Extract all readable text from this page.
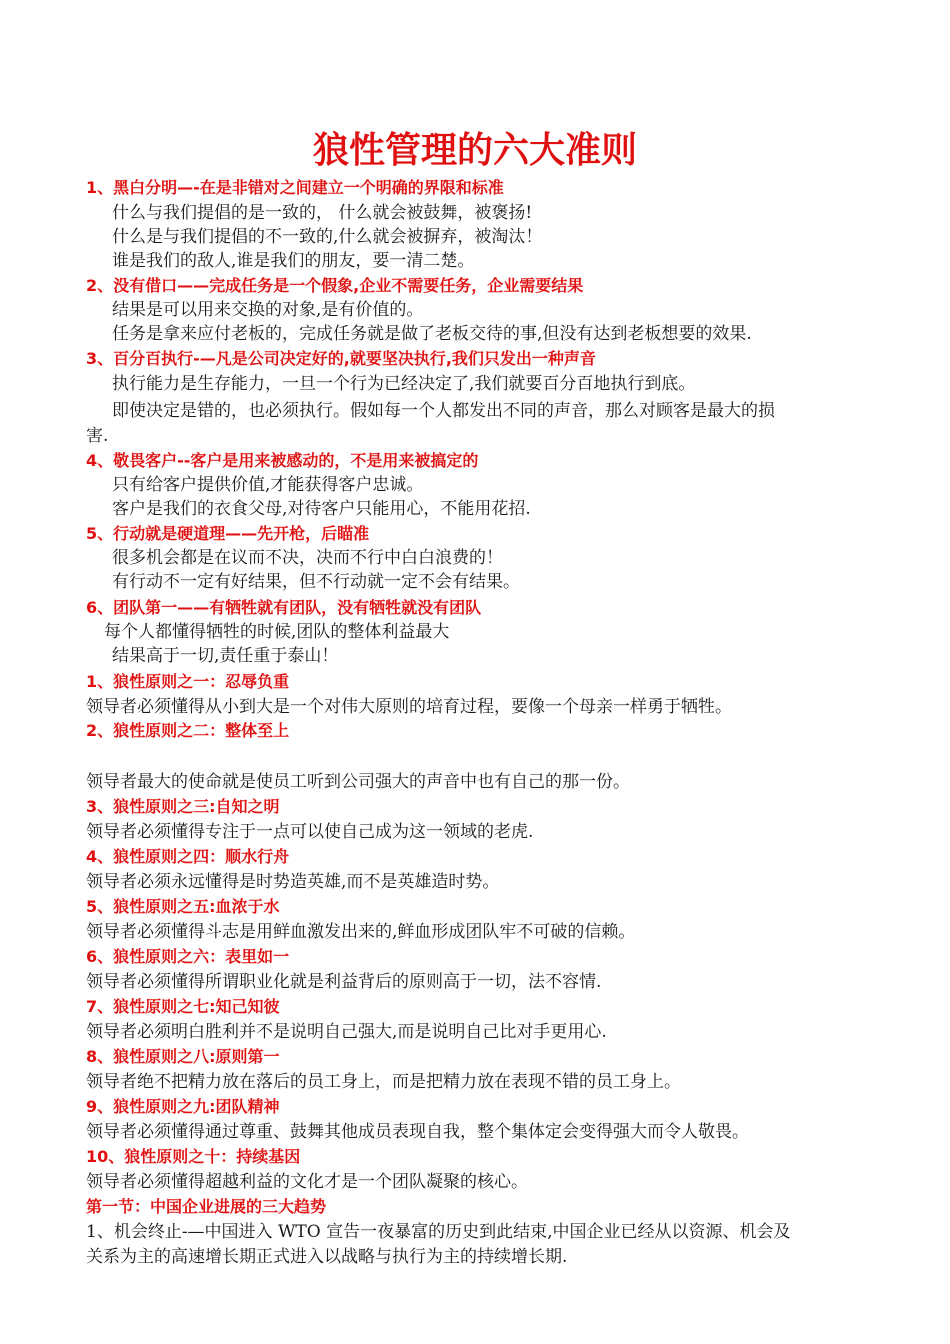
狼性管理的六大准则
1、黑白分明—-在是非错对之间建立一个明确的界限和标准
什么与我们提倡的是一致的， 什么就会被鼓舞，被褒扬!
什么是与我们提倡的不一致的,什么就会被摒弃，被淘汰！
谁是我们的敌人,谁是我们的朋友，要一清二楚。
2、没有借口——完成任务是一个假象,企业不需要任务，企业需要结果
结果是可以用来交换的对象,是有价值的。
任务是拿来应付老板的，完成任务就是做了老板交待的事,但没有达到老板想要的效果.
3、百分百执行-—凡是公司决定好的,就要坚决执行,我们只发出一种声音
执行能力是生存能力，一旦一个行为已经决定了,我们就要百分百地执行到底。
即使决定是错的，也必须执行。假如每一个人都发出不同的声音，那么对顾客是最大的损
害.
4、敬畏客户--客户是用来被感动的，不是用来被搞定的
只有给客户提供价值,才能获得客户忠诚。
客户是我们的衣食父母,对待客户只能用心，不能用花招.
5、行动就是硬道理——先开枪，后瞄准
很多机会都是在议而不决，决而不行中白白浪费的！
有行动不一定有好结果，但不行动就一定不会有结果。
6、团队第一——有牺牲就有团队，没有牺牲就没有团队
每个人都懂得牺牲的时候,团队的整体利益最大
结果高于一切,责任重于泰山！
1、狼性原则之一：忍辱负重
领导者必须懂得从小到大是一个对伟大原则的培育过程，要像一个母亲一样勇于牺牲。
2、狼性原则之二：整体至上
领导者最大的使命就是使员工听到公司强大的声音中也有自己的那一份。
3、狼性原则之三:自知之明
领导者必须懂得专注于一点可以使自己成为这一领域的老虎.
4、狼性原则之四：顺水行舟
领导者必须永远懂得是时势造英雄,而不是英雄造时势。
5、狼性原则之五:血浓于水
领导者必须懂得斗志是用鲜血激发出来的,鲜血形成团队牢不可破的信赖。
6、狼性原则之六：表里如一
领导者必须懂得所谓职业化就是利益背后的原则高于一切，法不容情.
7、狼性原则之七:知己知彼
领导者必须明白胜利并不是说明自己强大,而是说明自己比对手更用心.
8、狼性原则之八:原则第一
领导者绝不把精力放在落后的员工身上，而是把精力放在表现不错的员工身上。
9、狼性原则之九:团队精神
领导者必须懂得通过尊重、鼓舞其他成员表现自我，整个集体定会变得强大而令人敬畏。
10、狼性原则之十：持续基因
领导者必须懂得超越利益的文化才是一个团队凝聚的核心。
第一节：中国企业进展的三大趋势
1、机会终止-—中国进入 WTO 宣告一夜暴富的历史到此结束,中国企业已经从以资源、机会及
关系为主的高速增长期正式进入以战略与执行为主的持续增长期.
